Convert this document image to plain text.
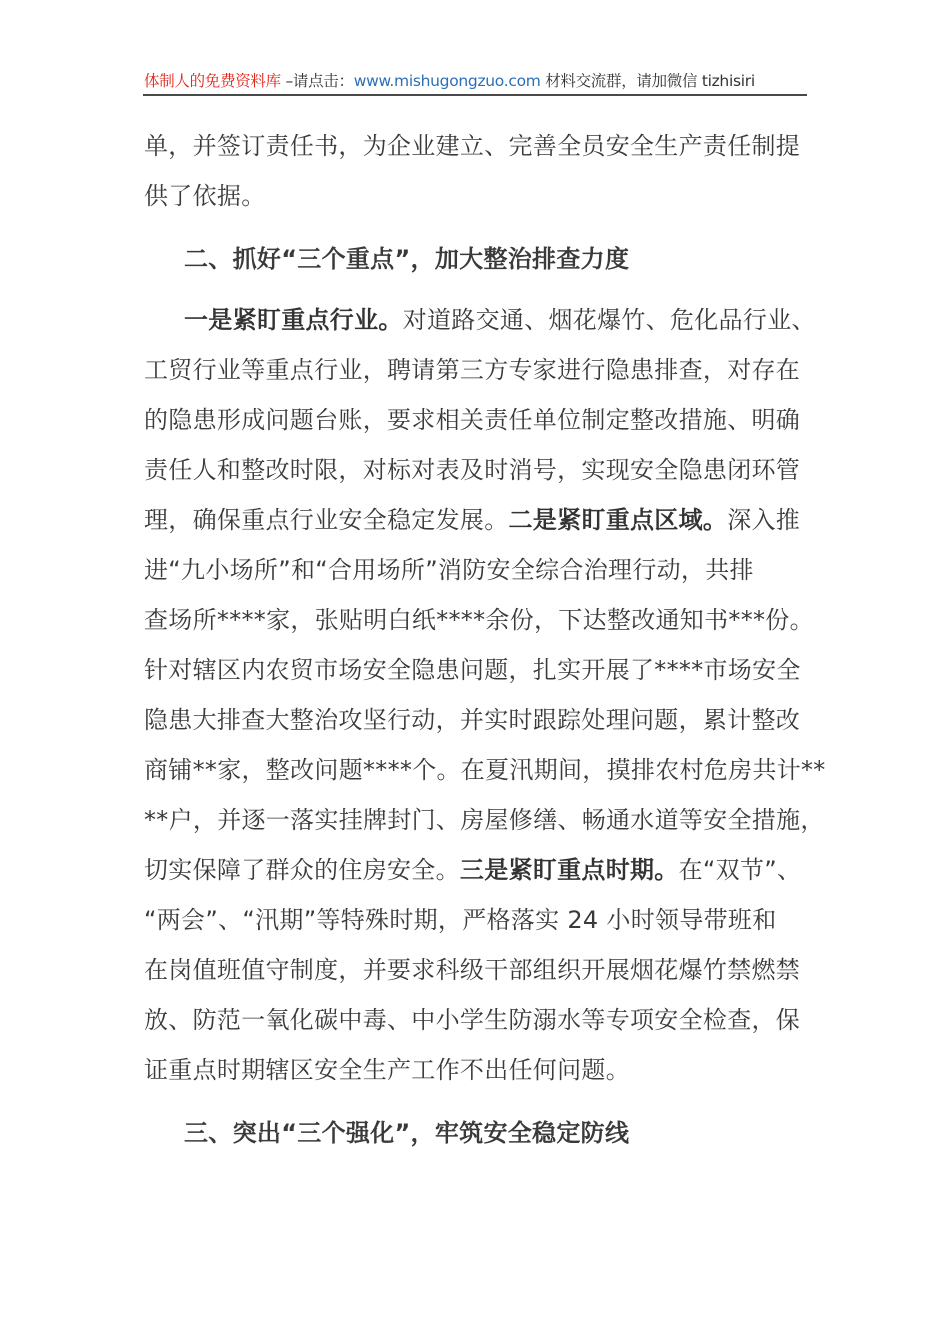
体制人的免费资料库 –请点击：www.mishugongzuo.com 材料交流群，请加微信 tizhisiri
单，并签订责任书，为企业建立、完善全员安全生产责任制提
供了依据。
二、抓好“三个重点”，加大整治排查力度
一是紧盯重点行业。对道路交通、烟花爆竹、危化品行业、
工贸行业等重点行业，聘请第三方专家进行隐患排查，对存在
的隐患形成问题台账，要求相关责任单位制定整改措施、明确
责任人和整改时限，对标对表及时消号，实现安全隐患闭环管
理，确保重点行业安全稳定发展。二是紧盯重点区域。深入推
进“九小场所”和“合用场所”消防安全综合治理行动，共排
查场所****家，张贴明白纸****余份，下达整改通知书***份。
针对辖区内农贸市场安全隐患问题，扎实开展了****市场安全
隐患大排查大整治攻坚行动，并实时跟踪处理问题，累计整改
商铺**家，整改问题****个。在夏汛期间，摸排农村危房共计**
**户，并逐一落实挂牌封门、房屋修缮、畅通水道等安全措施，
切实保障了群众的住房安全。三是紧盯重点时期。在“双节”、
“两会”、“汛期”等特殊时期，严格落实 24 小时领导带班和
在岗值班值守制度，并要求科级干部组织开展烟花爆竹禁燃禁
放、防范一氧化碳中毒、中小学生防溺水等专项安全检查，保
证重点时期辖区安全生产工作不出任何问题。
三、突出“三个强化”，牢筑安全稳定防线
